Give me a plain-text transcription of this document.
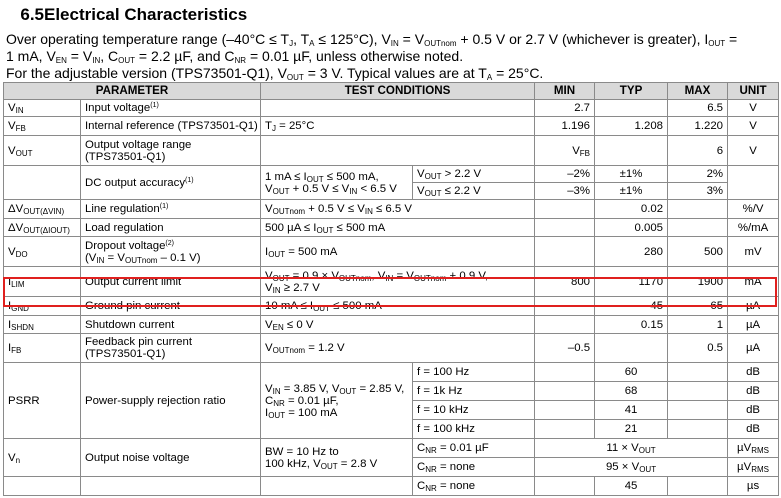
6.5Electrical Characteristics
Over operating temperature range ($-40^\circ C \le T_J$, $T_A \le 125^\circ C$), $V_{IN} = V_{OUTnom} + 0.5$ V or 2.7 V (whichever is greater), $I_{OUT}$ =
1 mA, $V_{EN} = V_{IN}$, $C_{OUT} = 2.2$ µF, and $C_{NR} = 0.01$ µF, unless otherwise noted.
For the adjustable version (TPS73501-Q1), $V_{OUT} = 3$ V. Typical values are at $T_A = 25^\circ C$.
PARAMETER		TEST CONDITIONS		MIN	TYP	MAX	UNIT
$V_{IN}$	Input voltage$^{(1)}$			2.7		6.5	V
$V_{FB}$	Internal reference (TPS73501-Q1)	$T_J = 25^\circ C$		1.196	1.208	1.220	V
$V_{OUT}$	Output voltage range
(TPS73501-Q1)			$V_{FB}$		6	V
	DC output accuracy$^{(1)}$	1 mA ≤ $I_{OUT} \le 500$ mA,
$V_{OUT} + 0.5$ $V \le V_{IN} < 6.5$ V	$V_{OUT} > 2.2$ V	–2%	±1%	2%	
			$V_{OUT} \le 2.2$ V	–3%	±1%	3%	
$\Delta V_{OUT(\Delta VIN)}$	Line regulation$^{(1)}$	$V_{OUTnom} + 0.5$ $V \le V_{IN} \le 6.5$ V			0.02		%/V
$\Delta V_{OUT(\Delta IOUT)}$	Load regulation	500 $\mu A \le I_{OUT} \le 500$ mA			0.005		%/mA
$V_{DO}$	Dropout voltage$^{(2)}$
($V_{IN} = V_{OUTnom} - 0.1$ V)	$I_{OUT} = 500$ mA			280	500	mV
$I_{LIM}$	Output current limit	$V_{OUT} = 0.9 \times V_{OUTnom}$, $V_{IN} = V_{OUTnom} + 0.9$ V,
$V_{IN} \ge 2.7$ V		800	1170	1900	mA
$I_{GND}$	Ground pin current	10 mA ≤ $I_{OUT} \le 500$ mA			45	65	µA
$I_{SHDN}$	Shutdown current	$V_{EN} \le 0$ V			0.15	1	µA
$I_{FB}$	Feedback pin current
(TPS73501-Q1)	$V_{OUTnom} = 1.2$ V		–0.5		0.5	µA
PSRR	Power-supply rejection ratio	$V_{IN} = 3.85$ V, $V_{OUT} = 2.85$ V,
$C_{NR} = 0.01$ µF,
$I_{OUT} = 100$ mA	f = 100 Hz		60		dB
			f = 1k Hz		68		dB
			f = 10 kHz		41		dB
			f = 100 kHz		21		dB
$V_n$	Output noise voltage	BW = 10 Hz to
100 kHz, $V_{OUT} = 2.8$ V	$C_{NR} = 0.01$ µF	$11 \times V_{OUT}$			µV$_{RMS}$
			$C_{NR}$ = none	$95 \times V_{OUT}$			µV$_{RMS}$
			$C_{NR}$ = none		45		µs
